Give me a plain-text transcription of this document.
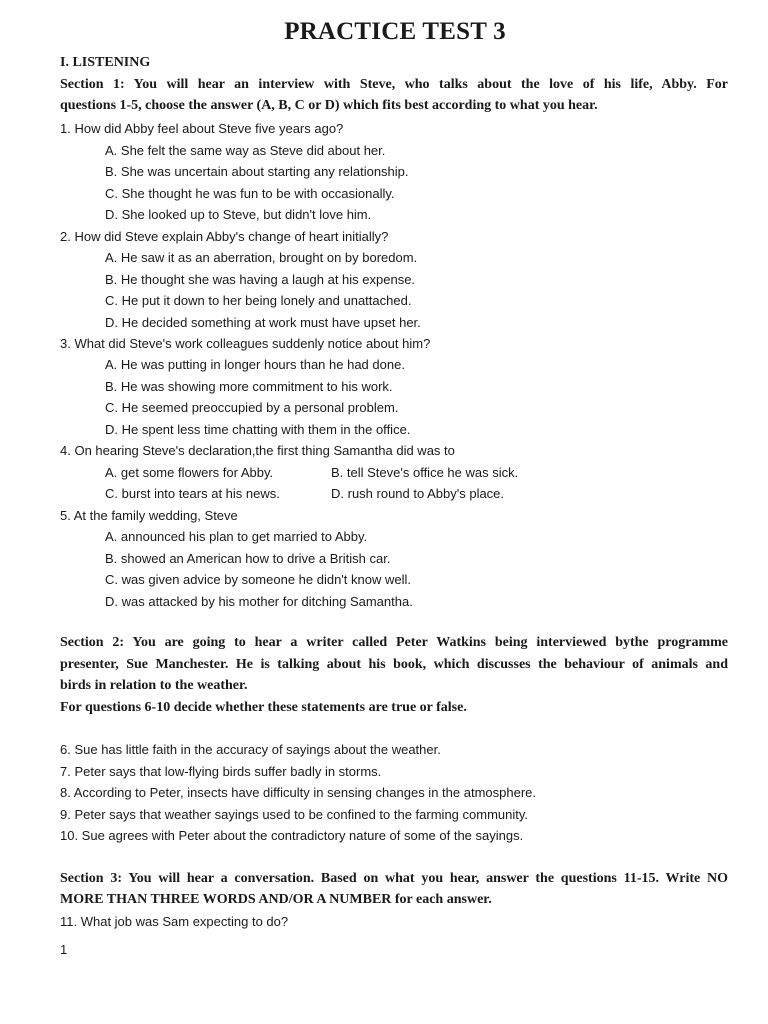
PRACTICE TEST 3
I. LISTENING
Section 1: You will hear an interview with Steve, who talks about the love of his life, Abby. For
questions 1-5, choose the answer (A, B, C or D) which fits best according to what you hear.
1. How did Abby feel about Steve five years ago?
A. She felt the same way as Steve did about her.
B. She was uncertain about starting any relationship.
C. She thought he was fun to be with occasionally.
D. She looked up to Steve, but didn't love him.
2. How did Steve explain Abby's change of heart initially?
A. He saw it as an aberration, brought on by boredom.
B. He thought she was having a laugh at his expense.
C. He put it down to her being lonely and unattached.
D. He decided something at work must have upset her.
3. What did Steve's work colleagues suddenly notice about him?
A. He was putting in longer hours than he had done.
B. He was showing more commitment to his work.
C. He seemed preoccupied by a personal problem.
D. He spent less time chatting with them in the office.
4. On hearing Steve's declaration,the first thing Samantha did was to
A. get some flowers for Abby.	B. tell Steve's office he was sick.
C. burst into tears at his news.	D. rush round to Abby's place.
5. At the family wedding, Steve
A. announced his plan to get married to Abby.
B. showed an American how to drive a British car.
C. was given advice by someone he didn't know well.
D. was attacked by his mother for ditching Samantha.
Section 2: You are going to hear a writer called Peter Watkins being interviewed bythe programme
presenter, Sue Manchester. He is talking about his book, which discusses the behaviour of animals and
birds in relation to the weather.
For questions 6-10 decide whether these statements are true or false.
6. Sue has little faith in the accuracy of sayings about the weather.
7. Peter says that low-flying birds suffer badly in storms.
8. According to Peter, insects have difficulty in sensing changes in the atmosphere.
9. Peter says that weather sayings used to be confined to the farming community.
10. Sue agrees with Peter about the contradictory nature of some of the sayings.
Section 3: You will hear a conversation. Based on what you hear, answer the questions 11-15. Write NO
MORE THAN THREE WORDS AND/OR A NUMBER for each answer.
11. What job was Sam expecting to do?
1
